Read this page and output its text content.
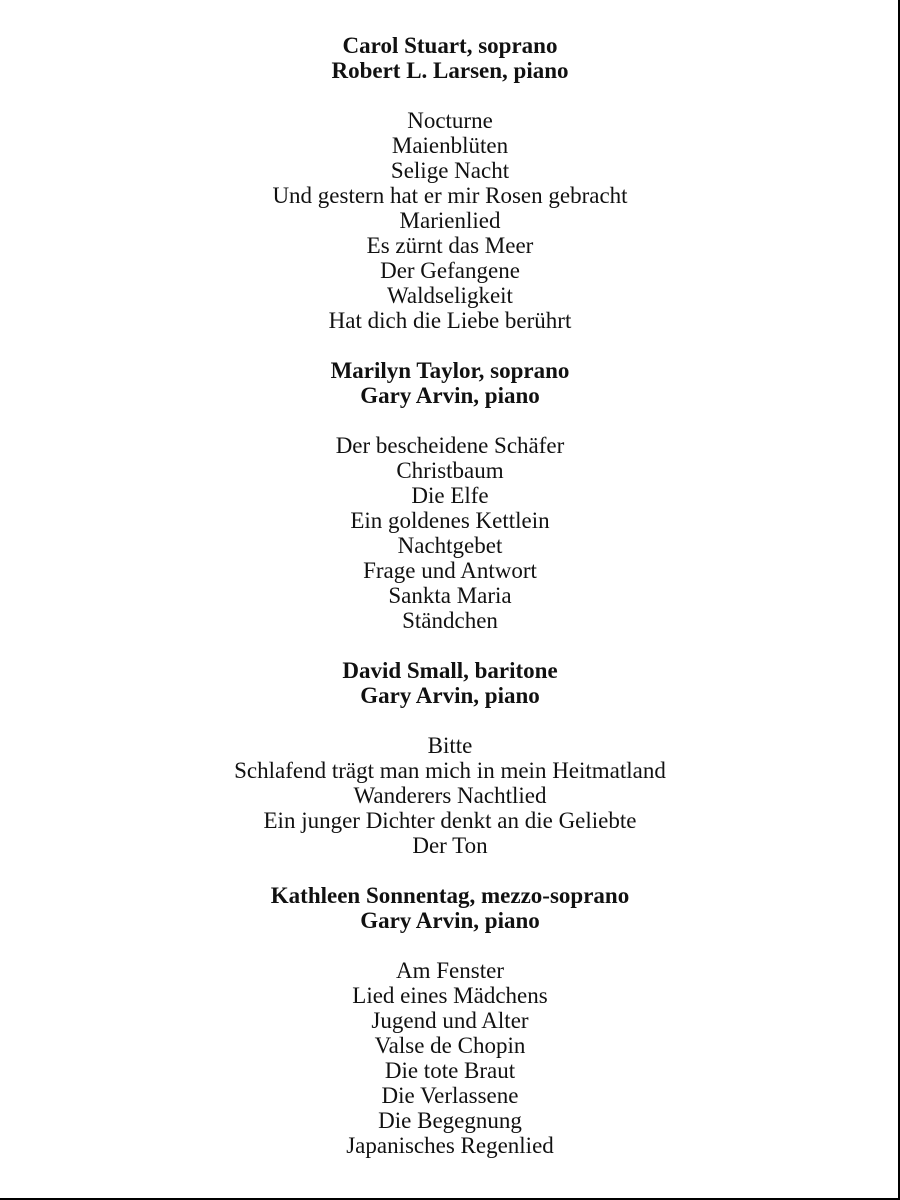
Carol Stuart, soprano
Robert L. Larsen, piano
Nocturne
Maienblüten
Selige Nacht
Und gestern hat er mir Rosen gebracht
Marienlied
Es zürnt das Meer
Der Gefangene
Waldseligkeit
Hat dich die Liebe berührt
Marilyn Taylor, soprano
Gary Arvin, piano
Der bescheidene Schäfer
Christbaum
Die Elfe
Ein goldenes Kettlein
Nachtgebet
Frage und Antwort
Sankta Maria
Ständchen
David Small, baritone
Gary Arvin, piano
Bitte
Schlafend trägt man mich in mein Heitmatland
Wanderers Nachtlied
Ein junger Dichter denkt an die Geliebte
Der Ton
Kathleen Sonnentag, mezzo-soprano
Gary Arvin, piano
Am Fenster
Lied eines Mädchens
Jugend und Alter
Valse de Chopin
Die tote Braut
Die Verlassene
Die Begegnung
Japanisches Regenlied
